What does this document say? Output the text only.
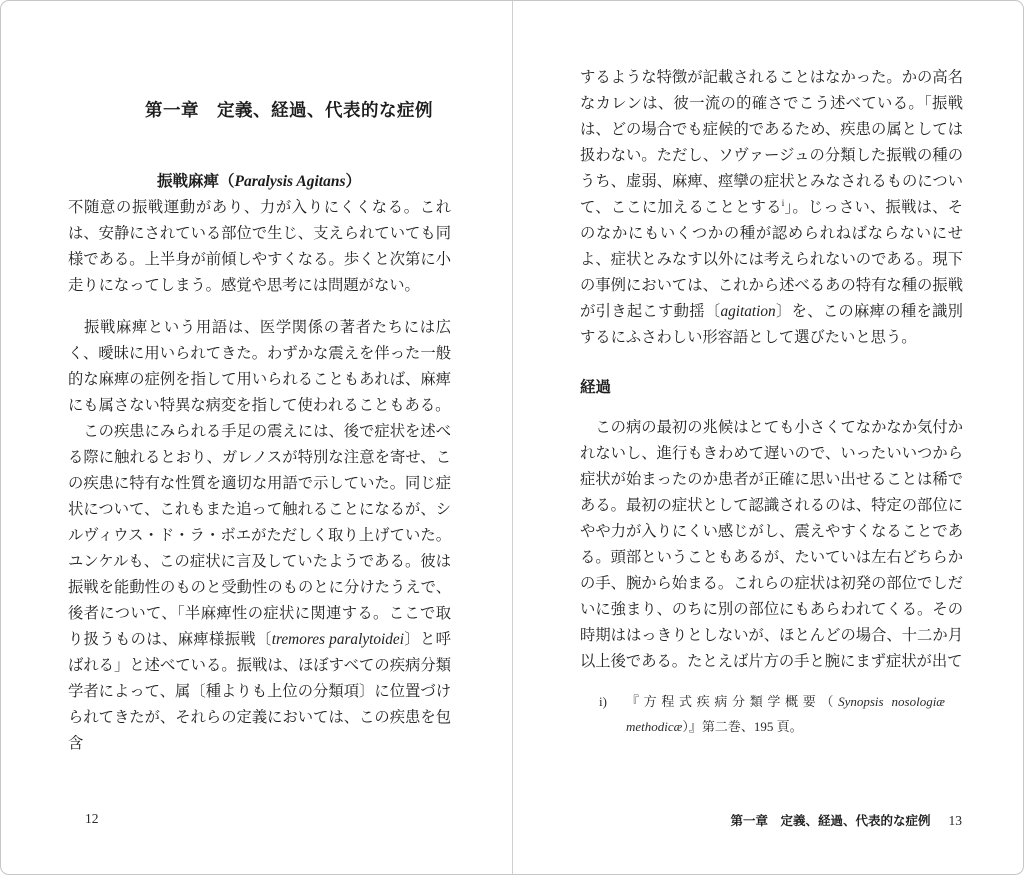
第一章　定義、経過、代表的な症例
振戦麻痺（Paralysis Agitans）

不随意の振戦運動があり、力が入りにくくなる。これは、安静にされている部位で生じ、支えられていても同様である。上半身が前傾しやすくなる。歩くと次第に小走りになってしまう。感覚や思考には問題がない。

　振戦麻痺という用語は、医学関係の著者たちには広く、曖昧に用いられてきた。わずかな震えを伴った一般的な麻痺の症例を指して用いられることもあれば、麻痺にも属さない特異な病変を指して使われることもある。

　この疾患にみられる手足の震えには、後で症状を述べる際に触れるとおり、ガレノスが特別な注意を寄せ、この疾患に特有な性質を適切な用語で示していた。同じ症状について、これもまた追って触れることになるが、シルヴィウス・ド・ラ・ボエがただしく取り上げていた。ユンケルも、この症状に言及していたようである。彼は振戦を能動性のものと受動性のものとに分けたうえで、後者について、「半麻痺性の症状に関連する。ここで取り扱うものは、麻痺様振戦〔tremores paralytoidei〕と呼ばれる」と述べている。振戦は、ほぼすべての疾病分類学者によって、属〔種よりも上位の分類項〕に位置づけられてきたが、それらの定義においては、この疾患を包含

12

するような特徴が記載されることはなかった。かの高名なカレンは、彼一流の的確さでこう述べている。「振戦は、どの場合でも症候的であるため、疾患の属としては扱わない。ただし、ソヴァージュの分類した振戦の種のうち、虚弱、麻痺、痙攣の症状とみなされるものについて、ここに加えることとする$^i$」。じっさい、振戦は、そのなかにもいくつかの種が認められねばならないにせよ、症状とみなす以外には考えられないのである。現下の事例においては、これから述べるあの特有な種の振戦が引き起こす動揺〔agitation〕を、この麻痺の種を識別するにふさわしい形容語として選びたいと思う。

経過

　この病の最初の兆候はとても小さくてなかなか気付かれないし、進行もきわめて遅いので、いったいいつから症状が始まったのか患者が正確に思い出せることは稀である。最初の症状として認識されるのは、特定の部位にやや力が入りにくい感じがし、震えやすくなることである。頭部ということもあるが、たいていは左右どちらかの手、腕から始まる。これらの症状は初発の部位でしだいに強まり、のちに別の部位にもあらわれてくる。その時期ははっきりとしないが、ほとんどの場合、十二か月以上後である。たとえば片方の手と腕にまず症状が出て

i)	『方程式疾病分類学概要（Synopsis nosologiæ methodicæ）』第二巻、195 頁。
第一章　定義、経過、代表的な症例 13
